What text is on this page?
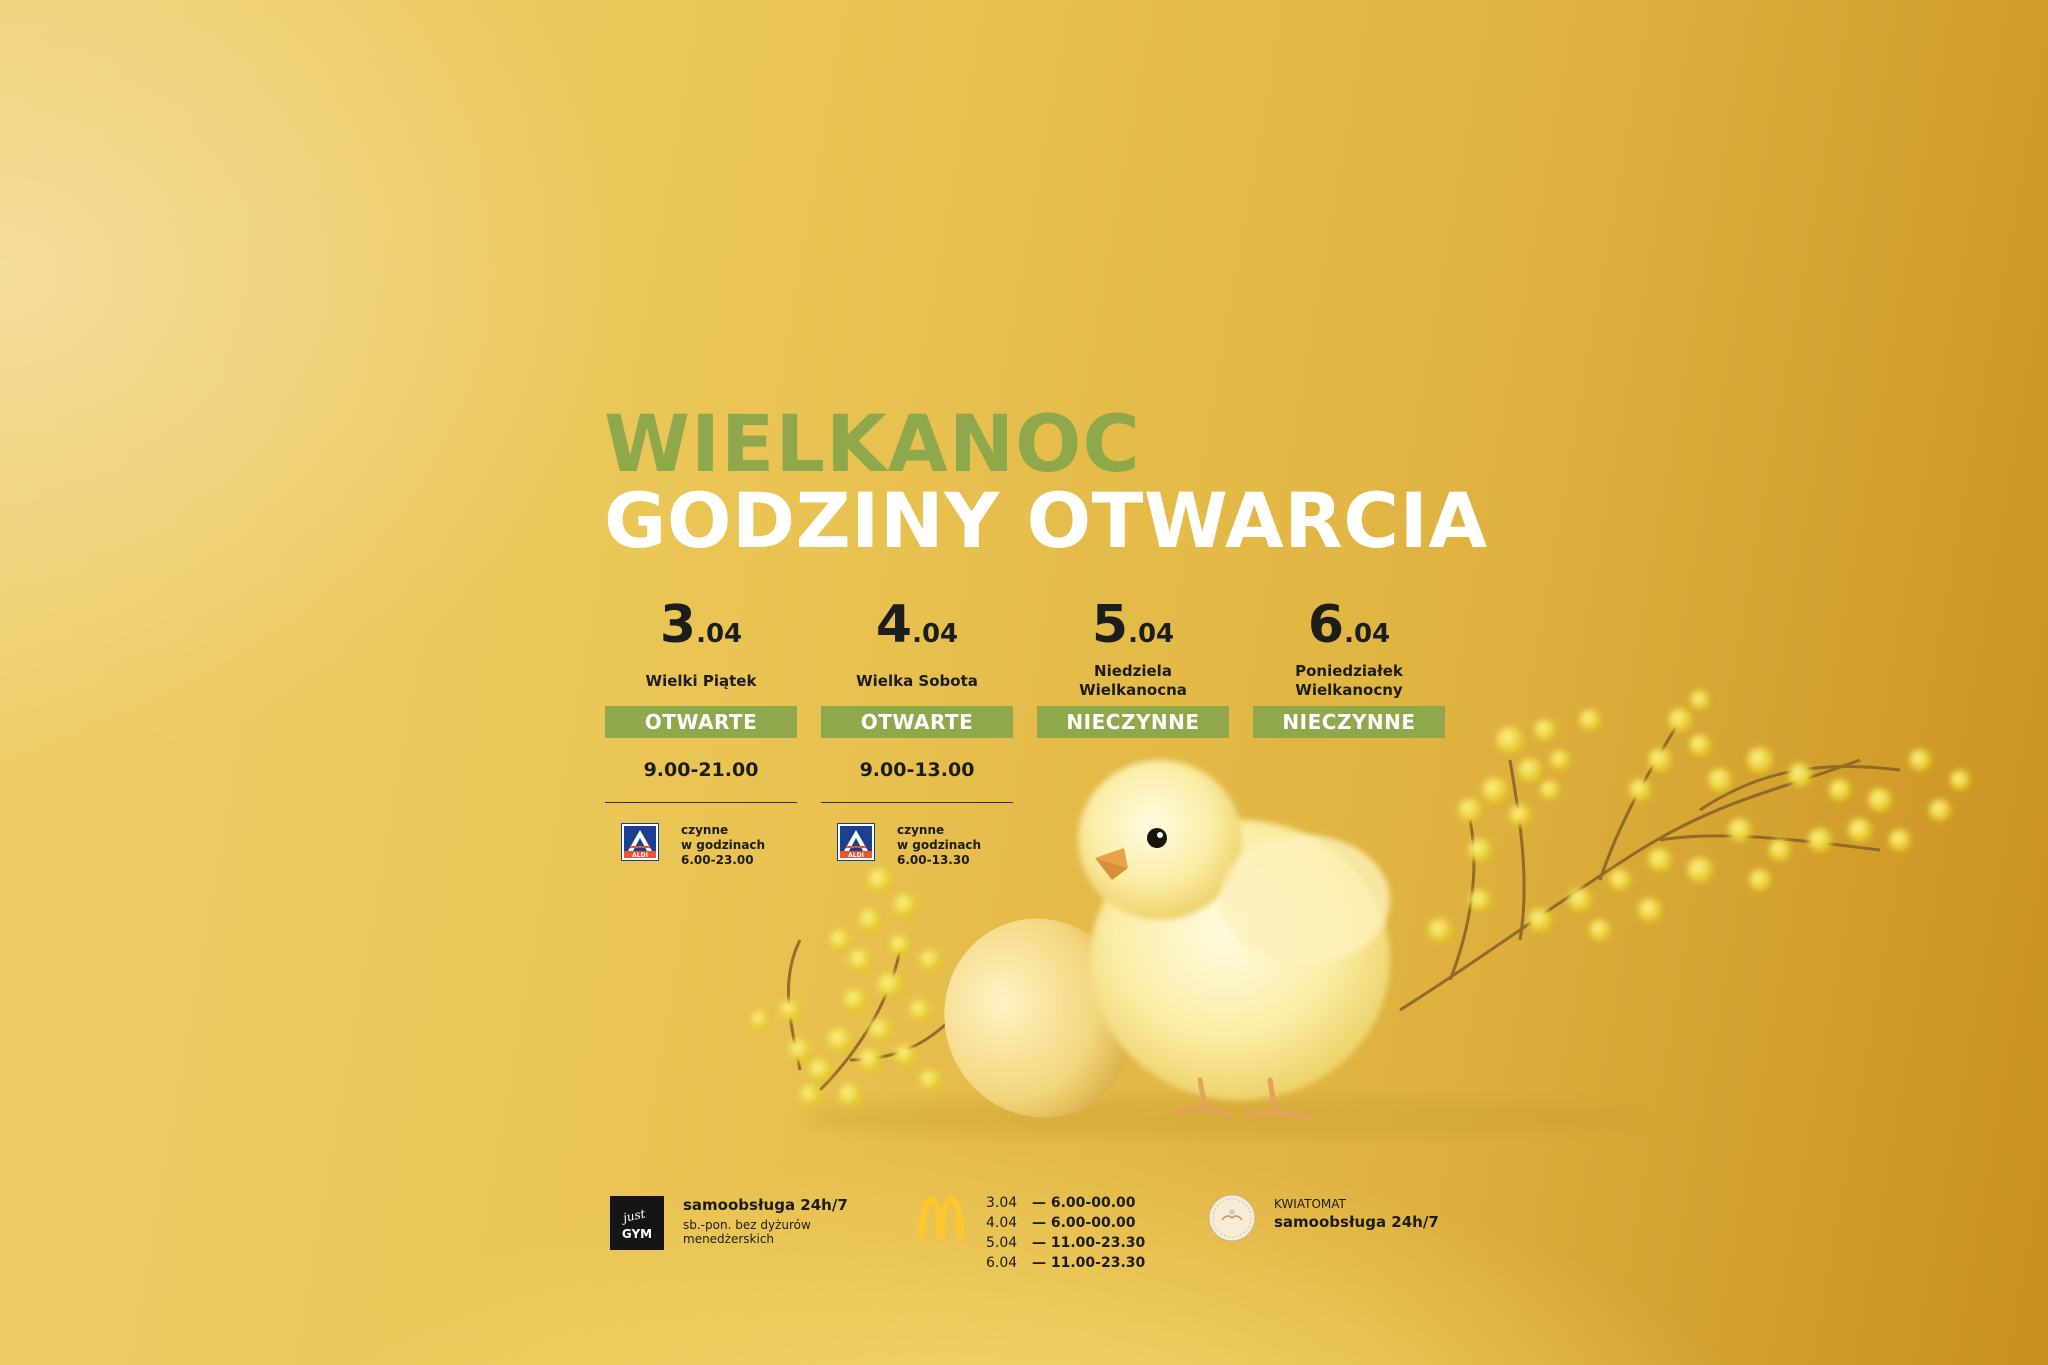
WIELKANOC
GODZINY OTWARCIA
3.04
Wielki Piątek
OTWARTE
9.00-21.00
ALDI
czynne
w godzinach
6.00-23.00
4.04
Wielka Sobota
OTWARTE
9.00-13.00
ALDI
czynne
w godzinach
6.00-13.30
5.04
Niedziela
Wielkanocna
NIECZYNNE
6.04
Poniedziałek
Wielkanocny
NIECZYNNE
just
GYM
samoobsługa 24h/7
sb.-pon. bez dyżurów
menedżerskich
3.04	— 6.00-00.00
4.04	— 6.00-00.00
5.04	— 11.00-23.30
6.04	— 11.00-23.30
KWIATOMAT
samoobsługa 24h/7
